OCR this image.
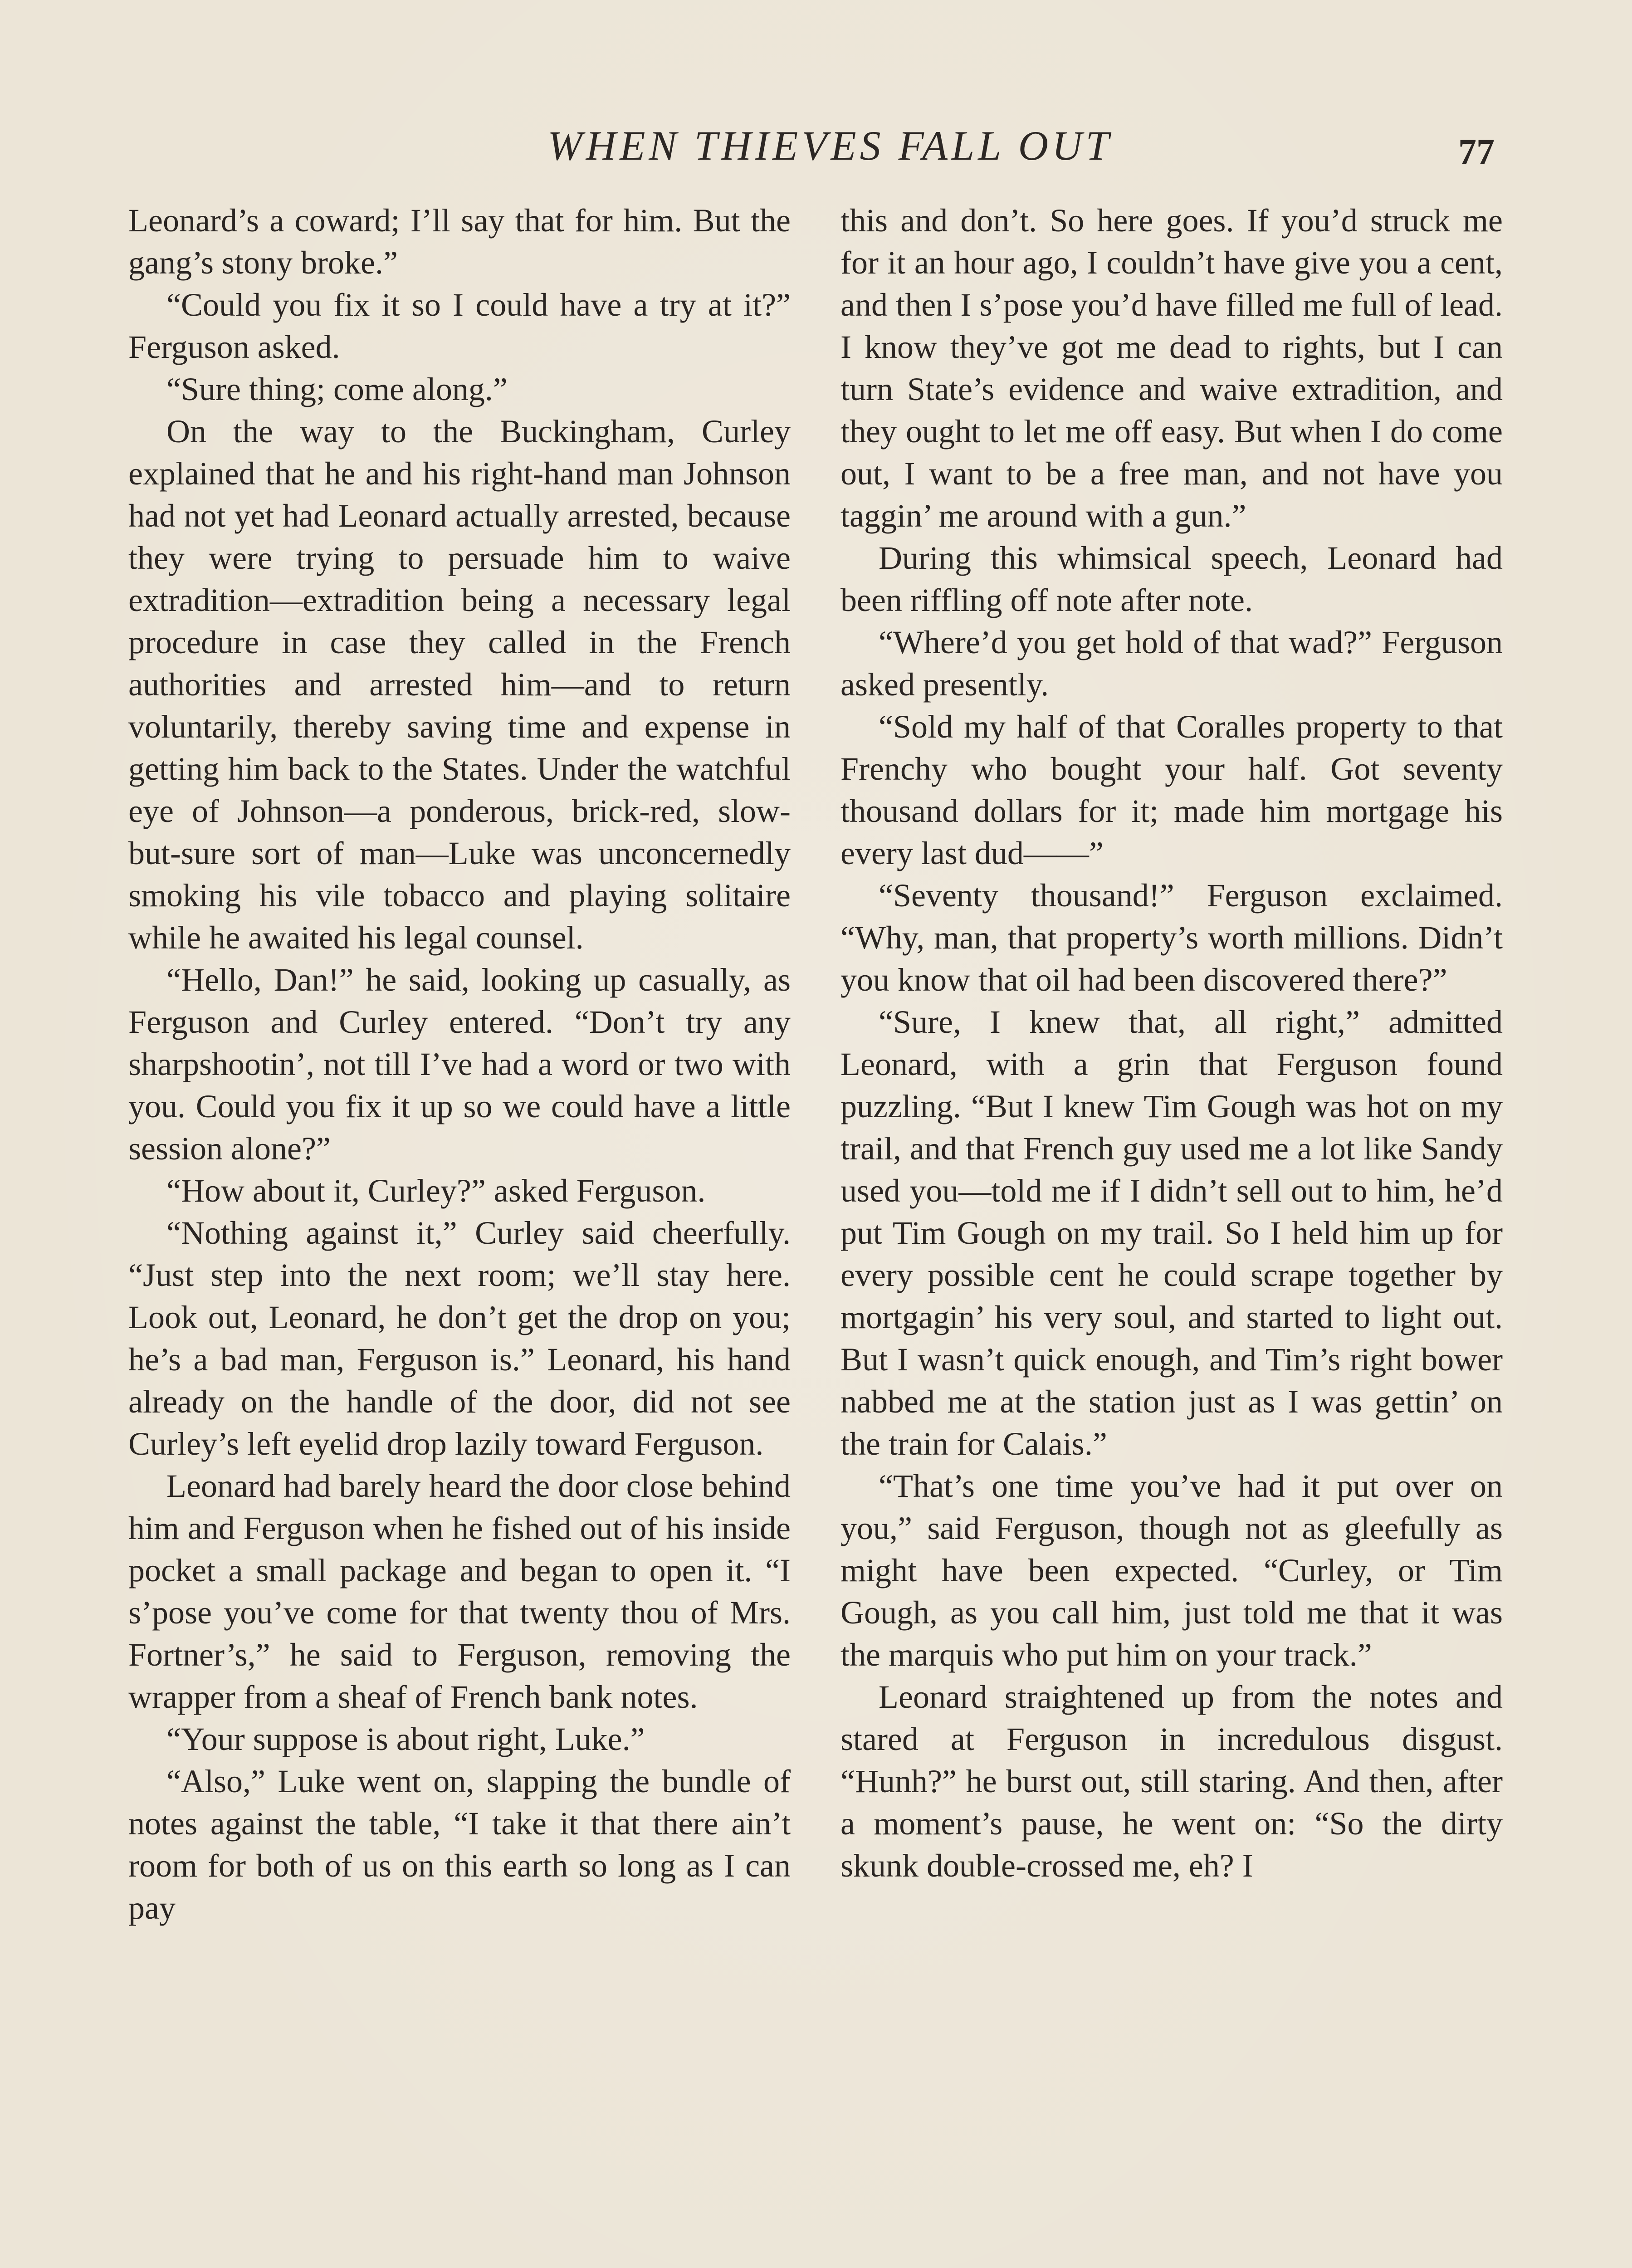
WHEN THIEVES FALL OUT	77

Leonard’s a coward; I’ll say that for him. But the gang’s stony broke.”

“Could you fix it so I could have a try at it?” Ferguson asked.

“Sure thing; come along.”

On the way to the Buckingham, Curley explained that he and his right-hand man Johnson had not yet had Leonard actually arrested, because they were trying to persuade him to waive extradition—extradition being a necessary legal procedure in case they called in the French authorities and arrested him—and to return voluntarily, thereby saving time and expense in getting him back to the States. Under the watchful eye of Johnson—a ponderous, brick-red, slow-but-sure sort of man—Luke was unconcernedly smoking his vile tobacco and playing solitaire while he awaited his legal counsel.

“Hello, Dan!” he said, looking up casually, as Ferguson and Curley entered. “Don’t try any sharpshootin’, not till I’ve had a word or two with you. Could you fix it up so we could have a little session alone?”

“How about it, Curley?” asked Ferguson.

“Nothing against it,” Curley said cheerfully. “Just step into the next room; we’ll stay here. Look out, Leonard, he don’t get the drop on you; he’s a bad man, Ferguson is.” Leonard, his hand already on the handle of the door, did not see Curley’s left eyelid drop lazily toward Ferguson.

Leonard had barely heard the door close behind him and Ferguson when he fished out of his inside pocket a small package and began to open it. “I s’pose you’ve come for that twenty thou of Mrs. Fortner’s,” he said to Ferguson, removing the wrapper from a sheaf of French bank notes.

“Your suppose is about right, Luke.”

“Also,” Luke went on, slapping the bundle of notes against the table, “I take it that there ain’t room for both of us on this earth so long as I can pay

this and don’t. So here goes. If you’d struck me for it an hour ago, I couldn’t have give you a cent, and then I s’pose you’d have filled me full of lead. I know they’ve got me dead to rights, but I can turn State’s evidence and waive extradition, and they ought to let me off easy. But when I do come out, I want to be a free man, and not have you taggin’ me around with a gun.”

During this whimsical speech, Leonard had been riffling off note after note.

“Where’d you get hold of that wad?” Ferguson asked presently.

“Sold my half of that Coralles property to that Frenchy who bought your half. Got seventy thousand dollars for it; made him mortgage his every last dud——”

“Seventy thousand!” Ferguson exclaimed. “Why, man, that property’s worth millions. Didn’t you know that oil had been discovered there?”

“Sure, I knew that, all right,” admitted Leonard, with a grin that Ferguson found puzzling. “But I knew Tim Gough was hot on my trail, and that French guy used me a lot like Sandy used you—told me if I didn’t sell out to him, he’d put Tim Gough on my trail. So I held him up for every possible cent he could scrape together by mortgagin’ his very soul, and started to light out. But I wasn’t quick enough, and Tim’s right bower nabbed me at the station just as I was gettin’ on the train for Calais.”

“That’s one time you’ve had it put over on you,” said Ferguson, though not as gleefully as might have been expected. “Curley, or Tim Gough, as you call him, just told me that it was the marquis who put him on your track.”

Leonard straightened up from the notes and stared at Ferguson in incredulous disgust. “Hunh?” he burst out, still staring. And then, after a moment’s pause, he went on: “So the dirty skunk double-crossed me, eh? I
